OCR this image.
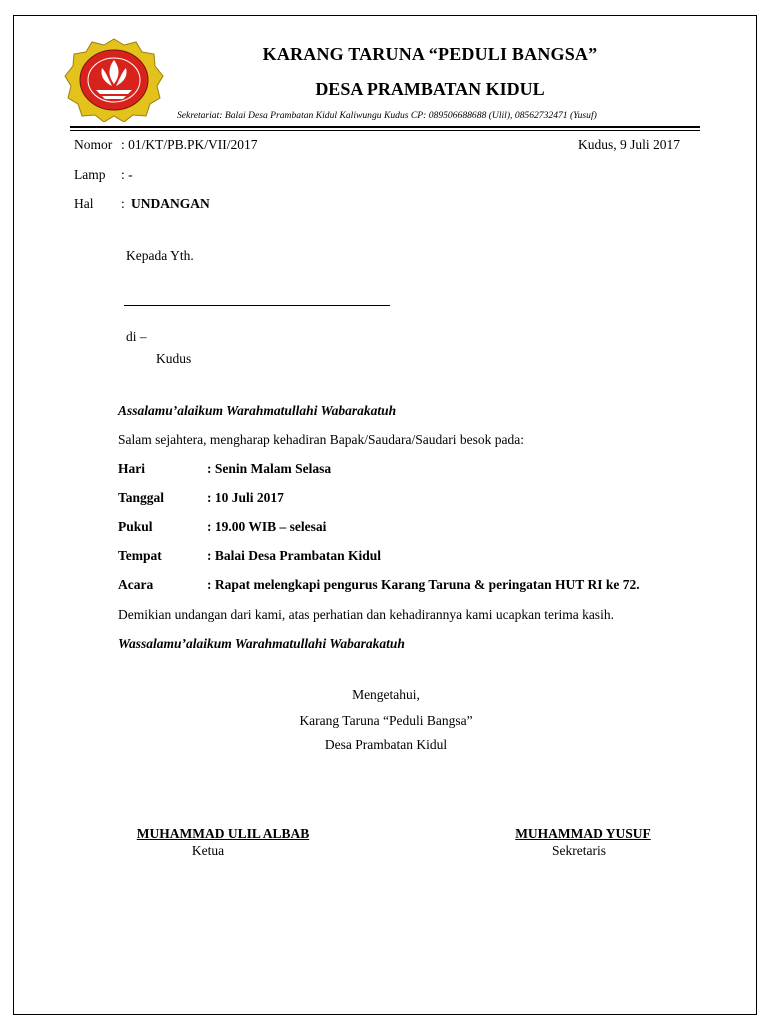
KARANG TARUNA “PEDULI BANGSA”
DESA PRAMBATAN KIDUL
Sekretariat: Balai Desa Prambatan Kidul Kaliwungu Kudus CP: 089506688688 (Ulil), 08562732471 (Yusuf)
Nomor : 01/KT/PB.PK/VII/2017	Kudus, 9 Juli 2017
Lamp : -
Hal : UNDANGAN
Kepada Yth.
di –
Kudus
Assalamu’alaikum Warahmatullahi Wabarakatuh
Salam sejahtera, mengharap kehadiran Bapak/Saudara/Saudari besok pada:
Hari	: Senin Malam Selasa
Tanggal	: 10 Juli 2017
Pukul	: 19.00 WIB – selesai
Tempat	: Balai Desa Prambatan Kidul
Acara	: Rapat melengkapi pengurus Karang Taruna & peringatan HUT RI ke 72.
Demikian undangan dari kami, atas perhatian dan kehadirannya kami ucapkan terima kasih.
Wassalamu’alaikum Warahmatullahi Wabarakatuh
Mengetahui,
Karang Taruna “Peduli Bangsa”
Desa Prambatan Kidul
MUHAMMAD ULIL ALBAB
Ketua
MUHAMMAD YUSUF
Sekretaris
